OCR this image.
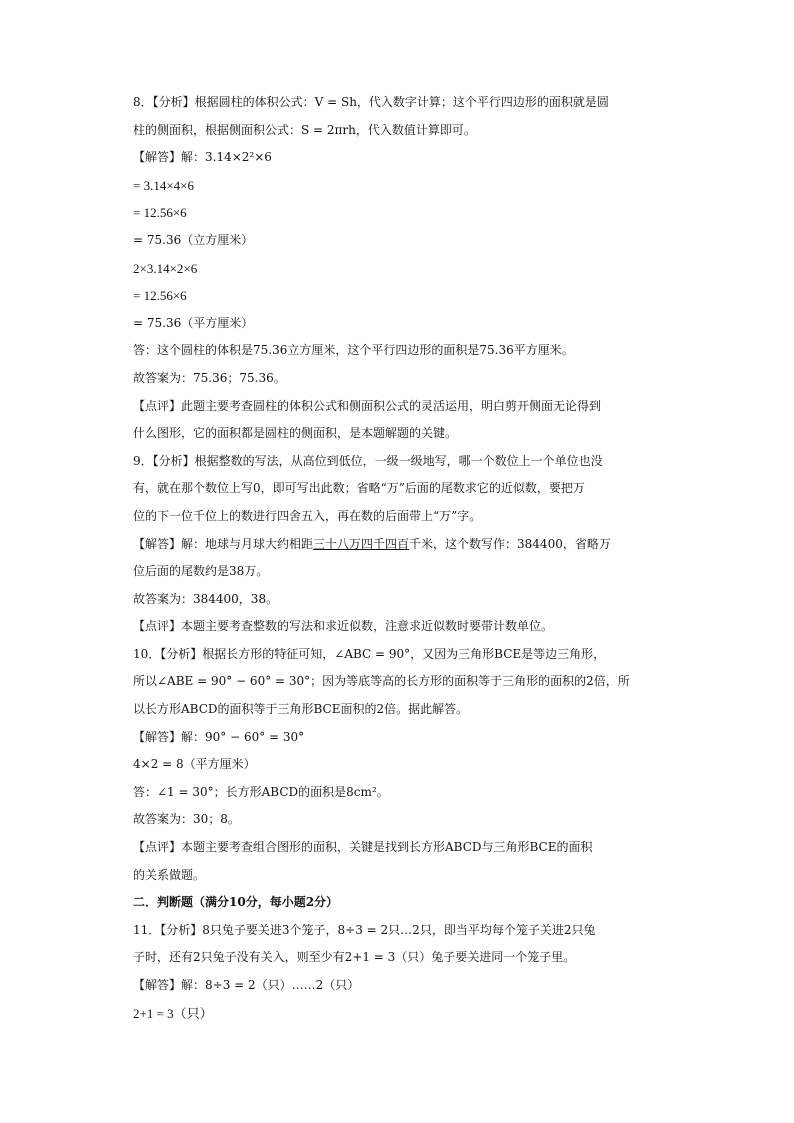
8．【分析】根据圆柱的体积公式：V = Sh，代入数字计算；这个平行四边形的面积就是圆
柱的侧面积，根据侧面积公式：S = 2πrh，代入数值计算即可。
【解答】解：3.14×2²×6
= 3.14×4×6
= 12.56×6
= 75.36（立方厘米）
2×3.14×2×6
= 12.56×6
= 75.36（平方厘米）
答：这个圆柱的体积是75.36立方厘米，这个平行四边形的面积是75.36平方厘米。
故答案为：75.36；75.36。
【点评】此题主要考查圆柱的体积公式和侧面积公式的灵活运用，明白剪开侧面无论得到
什么图形，它的面积都是圆柱的侧面积，是本题解题的关键。
9．【分析】根据整数的写法，从高位到低位，一级一级地写，哪一个数位上一个单位也没
有，就在那个数位上写0，即可写出此数；省略“万”后面的尾数求它的近似数，要把万
位的下一位千位上的数进行四舍五入，再在数的后面带上“万”字。
【解答】解：地球与月球大约相距三十八万四千四百千米，这个数写作：384400，省略万
位后面的尾数约是38万。
故答案为：384400，38。
【点评】本题主要考查整数的写法和求近似数，注意求近似数时要带计数单位。
10．【分析】根据长方形的特征可知，∠ABC = 90°，又因为三角形BCE是等边三角形，
所以∠ABE = 90° − 60° = 30°；因为等底等高的长方形的面积等于三角形的面积的2倍，所
以长方形ABCD的面积等于三角形BCE面积的2倍。据此解答。
【解答】解：90° − 60° = 30°
4×2 = 8（平方厘米）
答：∠1 = 30°；长方形ABCD的面积是8cm²。
故答案为：30；8。
【点评】本题主要考查组合图形的面积，关键是找到长方形ABCD与三角形BCE的面积
的关系做题。
二．判断题（满分10分，每小题2分）
11．【分析】8只兔子要关进3个笼子，8÷3 = 2只…2只，即当平均每个笼子关进2只兔
子时，还有2只兔子没有关入，则至少有2+1 = 3（只）兔子要关进同一个笼子里。
【解答】解：8÷3 = 2（只）……2（只）
2+1 = 3（只）
